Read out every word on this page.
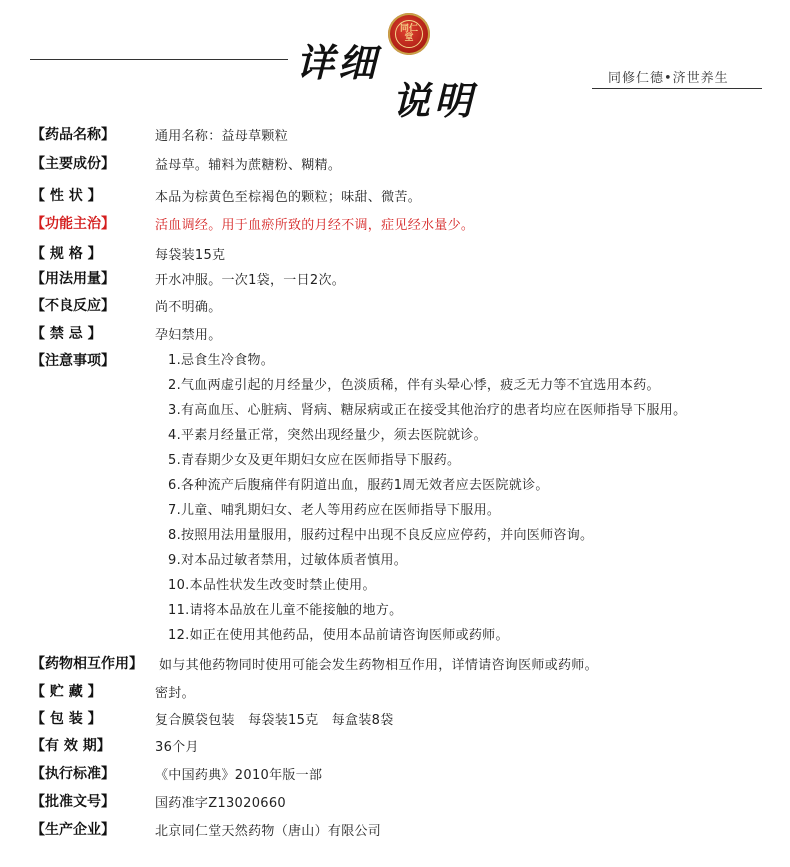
同仁堂
详细
说明	同修仁德•济世养生
【药品名称】	通用名称：益母草颗粒
【主要成份】	益母草。辅料为蔗糖粉、糊精。
【 性 状 】	本品为棕黄色至棕褐色的颗粒；味甜、微苦。
【功能主治】	活血调经。用于血瘀所致的月经不调，症见经水量少。
【 规 格 】	每袋装15克
【用法用量】	开水冲服。一次1袋，一日2次。
【不良反应】	尚不明确。
【 禁 忌 】	孕妇禁用。
【注意事项】	1.忌食生冷食物。
2.气血两虚引起的月经量少，色淡质稀，伴有头晕心悸，疲乏无力等不宜选用本药。
3.有高血压、心脏病、肾病、糖尿病或正在接受其他治疗的患者均应在医师指导下服用。
4.平素月经量正常，突然出现经量少，须去医院就诊。
5.青春期少女及更年期妇女应在医师指导下服药。
6.各种流产后腹痛伴有阴道出血，服药1周无效者应去医院就诊。
7.儿童、哺乳期妇女、老人等用药应在医师指导下服用。
8.按照用法用量服用，服药过程中出现不良反应应停药，并向医师咨询。
9.对本品过敏者禁用，过敏体质者慎用。
10.本品性状发生改变时禁止使用。
11.请将本品放在儿童不能接触的地方。
12.如正在使用其他药品，使用本品前请咨询医师或药师。
【药物相互作用】	如与其他药物同时使用可能会发生药物相互作用，详情请咨询医师或药师。
【 贮 藏 】	密封。
【 包 装 】	复合膜袋包装   每袋装15克   每盒装8袋
【有 效 期】	36个月
【执行标准】	《中国药典》2010年版一部
【批准文号】	国药准字Z13020660
【生产企业】	北京同仁堂天然药物（唐山）有限公司
